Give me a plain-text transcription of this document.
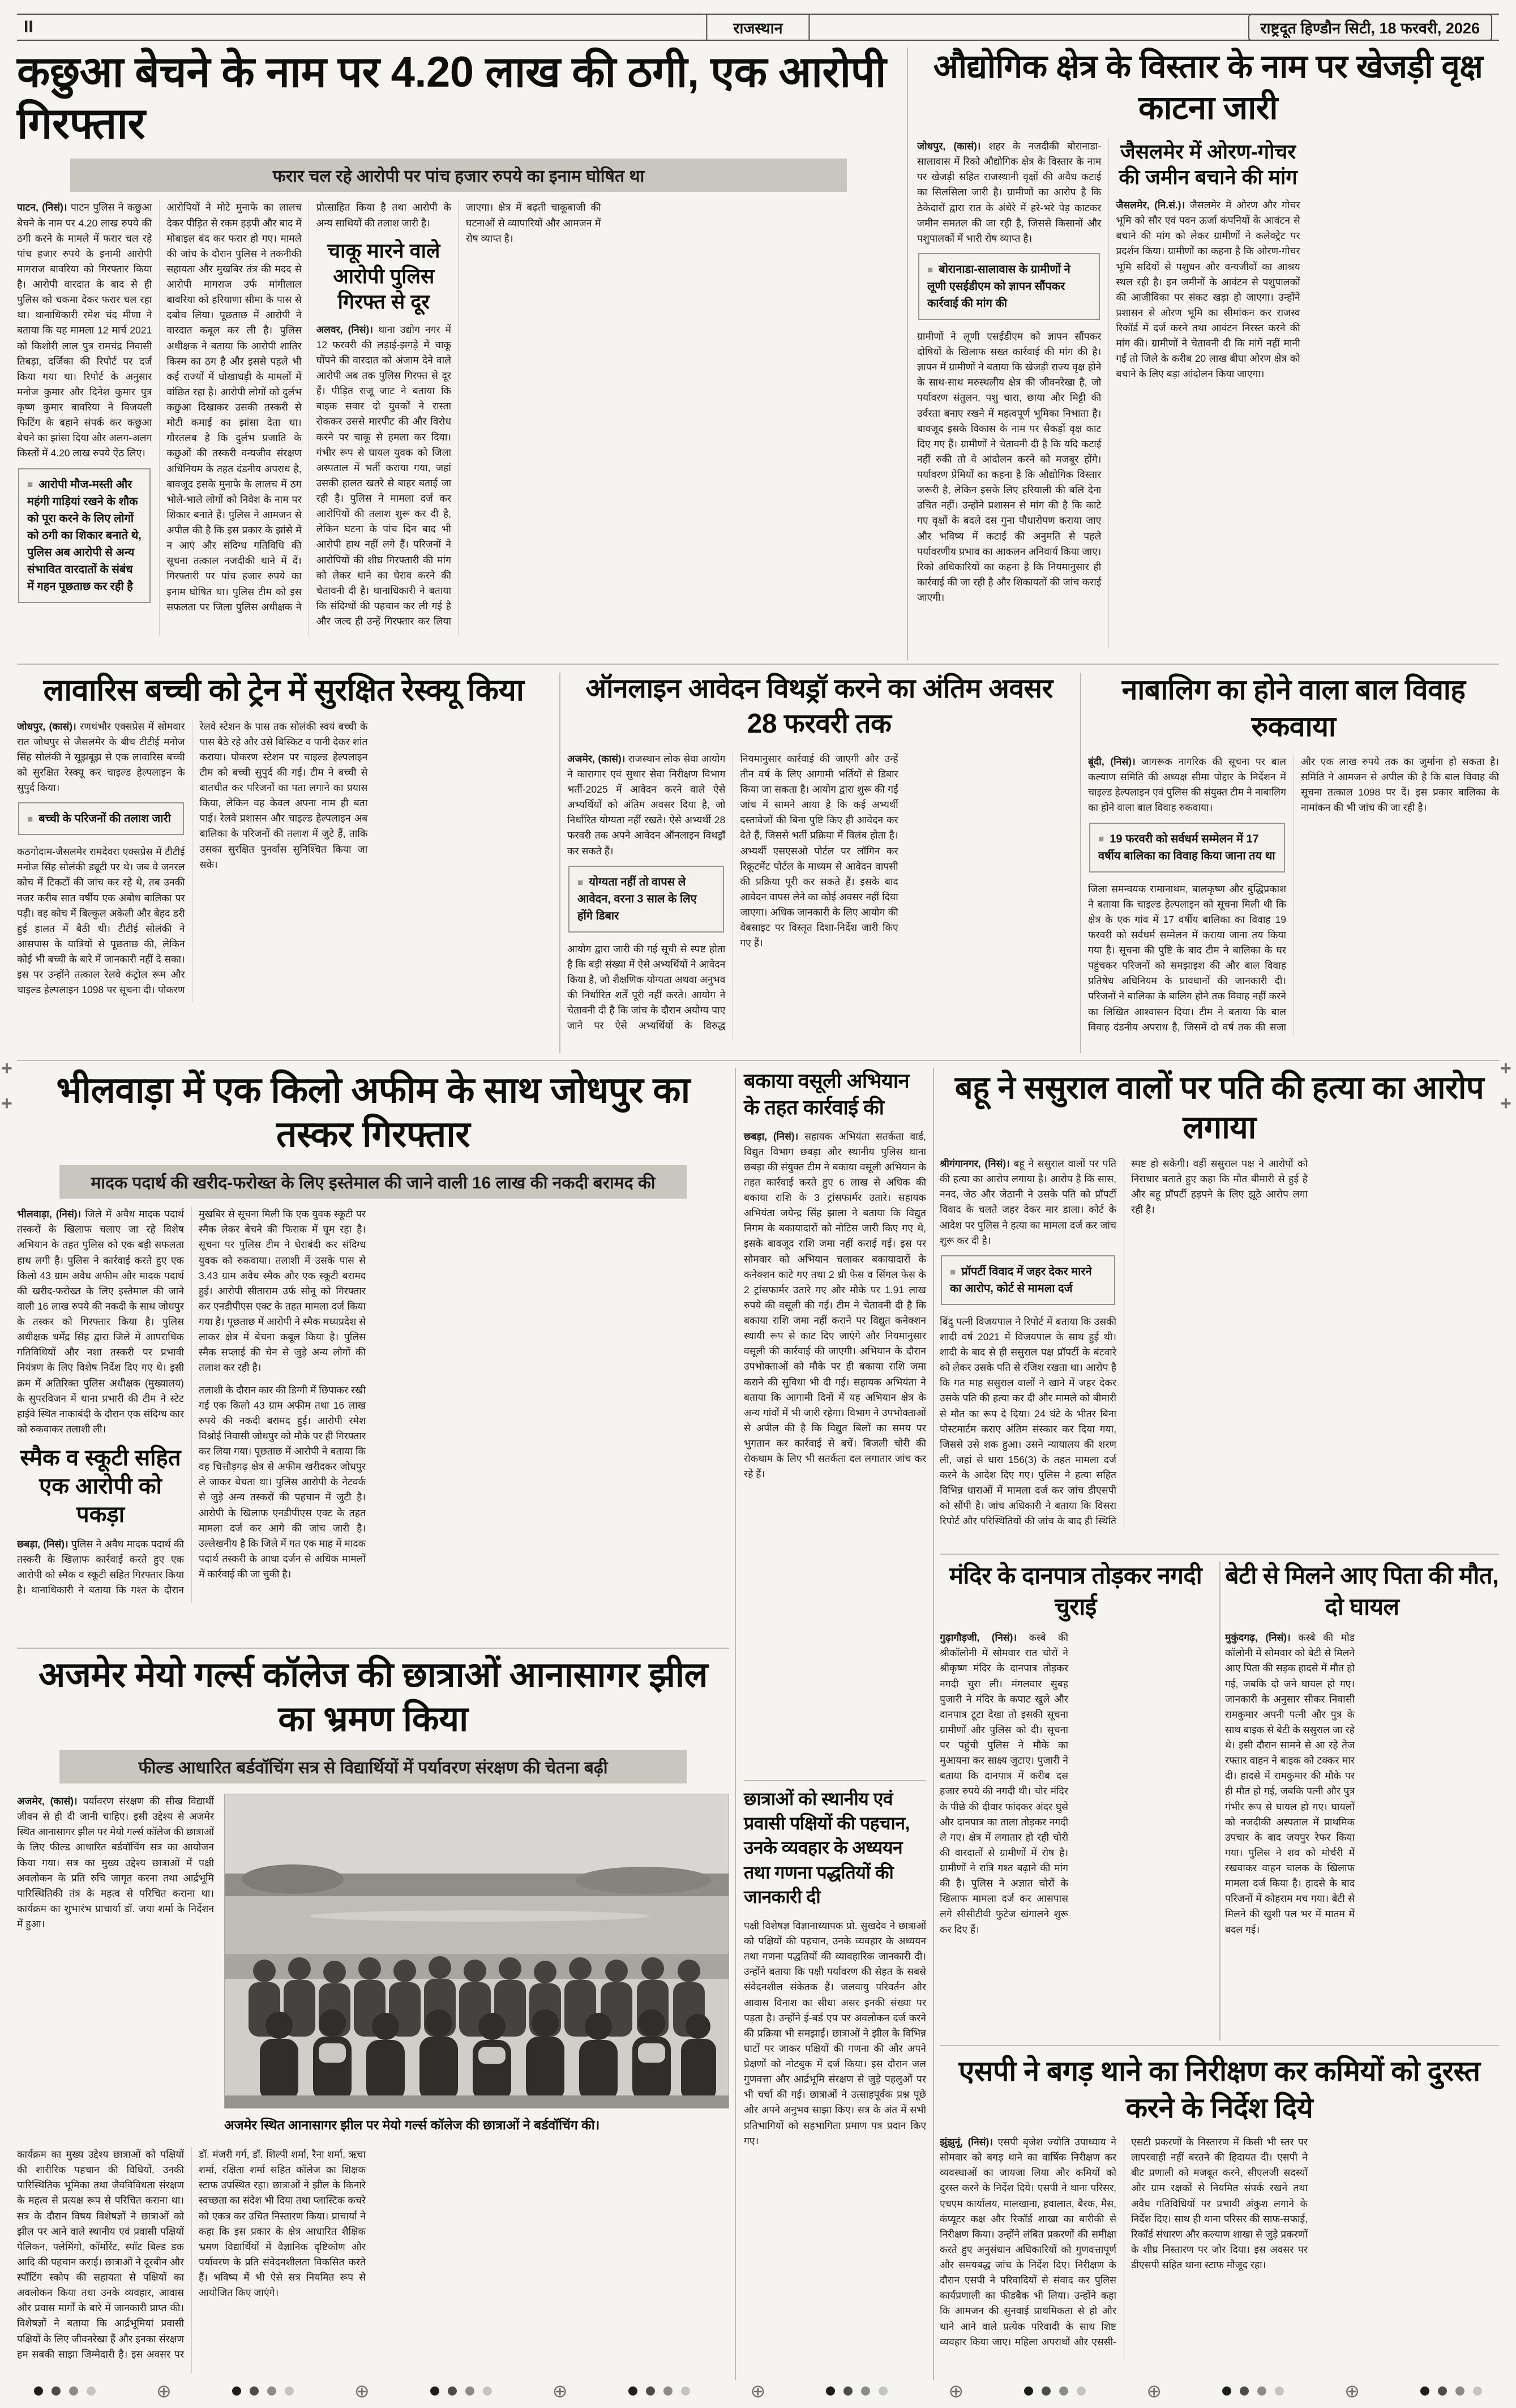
II	राजस्थान	राष्ट्रदूत हिण्डौन सिटी, 18 फरवरी, 2026
कछुआ बेचने के नाम पर 4.20 लाख की ठगी, एक आरोपी गिरफ्तार
फरार चल रहे आरोपी पर पांच हजार रुपये का इनाम घोषित था

पाटन, (निसं)। पाटन पुलिस ने कछुआ बेचने के नाम पर 4.20 लाख रुपये की ठगी करने के मामले में फरार चल रहे पांच हजार रुपये के इनामी आरोपी मागराज बावरिया को गिरफ्तार किया है। आरोपी वारदात के बाद से ही पुलिस को चकमा देकर फरार चल रहा था। थानाधिकारी रमेश चंद मीणा ने बताया कि यह मामला 12 मार्च 2021 को किशोरी लाल पुत्र रामचंद्र निवासी तिबड़ा, दर्जिका की रिपोर्ट पर दर्ज किया गया था। रिपोर्ट के अनुसार मनोज कुमार और दिनेश कुमार पुत्र कृष्ण कुमार बावरिया ने विजयली फिटिंग के बहाने संपर्क कर कछुआ बेचने का झांसा दिया और अलग-अलग किस्तों में 4.20 लाख रुपये ऐंठ लिए।

■ आरोपी मौज-मस्ती और महंगी गाड़ियां रखने के शौक को पूरा करने के लिए लोगों को ठगी का शिकार बनाते थे, पुलिस अब आरोपी से अन्य संभावित वारदातों के संबंध में गहन पूछताछ कर रही है

आरोपियों ने मोटे मुनाफे का लालच देकर पीड़ित से रकम हड़पी और बाद में मोबाइल बंद कर फरार हो गए। मामले की जांच के दौरान पुलिस ने तकनीकी सहायता और मुखबिर तंत्र की मदद से आरोपी मागराज उर्फ मांगीलाल बावरिया को हरियाणा सीमा के पास से दबोच लिया। पूछताछ में आरोपी ने वारदात कबूल कर ली है। पुलिस अधीक्षक ने बताया कि आरोपी शातिर किस्म का ठग है और इससे पहले भी कई राज्यों में धोखाधड़ी के मामलों में वांछित रहा है। आरोपी लोगों को दुर्लभ कछुआ दिखाकर उसकी तस्करी से मोटी कमाई का झांसा देता था। गौरतलब है कि दुर्लभ प्रजाति के कछुओं की तस्करी वन्यजीव संरक्षण अधिनियम के तहत दंडनीय अपराध है, बावजूद इसके मुनाफे के लालच में ठग भोले-भाले लोगों को निवेश के नाम पर शिकार बनाते हैं। पुलिस ने आमजन से अपील की है कि इस प्रकार के झांसे में न आएं और संदिग्ध गतिविधि की सूचना तत्काल नजदीकी थाने में दें। गिरफ्तारी पर पांच हजार रुपये का इनाम घोषित था। पुलिस टीम को इस सफलता पर जिला पुलिस अधीक्षक ने प्रोत्साहित किया है तथा आरोपी के अन्य साथियों की तलाश जारी है।

चाकू मारने वाले आरोपी पुलिस गिरफ्त से दूर

अलवर, (निसं)। थाना उद्योग नगर में 12 फरवरी की लड़ाई-झगड़े में चाकू घोंपने की वारदात को अंजाम देने वाले आरोपी अब तक पुलिस गिरफ्त से दूर हैं। पीड़ित राजू जाट ने बताया कि बाइक सवार दो युवकों ने रास्ता रोककर उससे मारपीट की और विरोध करने पर चाकू से हमला कर दिया। गंभीर रूप से घायल युवक को जिला अस्पताल में भर्ती कराया गया, जहां उसकी हालत खतरे से बाहर बताई जा रही है। पुलिस ने मामला दर्ज कर आरोपियों की तलाश शुरू कर दी है, लेकिन घटना के पांच दिन बाद भी आरोपी हाथ नहीं लगे हैं। परिजनों ने आरोपियों की शीघ्र गिरफ्तारी की मांग को लेकर थाने का घेराव करने की चेतावनी दी है। थानाधिकारी ने बताया कि संदिग्धों की पहचान कर ली गई है और जल्द ही उन्हें गिरफ्तार कर लिया जाएगा। क्षेत्र में बढ़ती चाकूबाजी की घटनाओं से व्यापारियों और आमजन में रोष व्याप्त है।

औद्योगिक क्षेत्र के विस्तार के नाम पर खेजड़ी वृक्ष काटना जारी

जोधपुर, (कासं)। शहर के नजदीकी बोरानाडा-सालावास में रिको औद्योगिक क्षेत्र के विस्तार के नाम पर खेजड़ी सहित राजस्थानी वृक्षों की अवैध कटाई का सिलसिला जारी है। ग्रामीणों का आरोप है कि ठेकेदारों द्वारा रात के अंधेरे में हरे-भरे पेड़ काटकर जमीन समतल की जा रही है, जिससे किसानों और पशुपालकों में भारी रोष व्याप्त है।

■ बोरानाडा-सालावास के ग्रामीणों ने लूणी एसईडीएम को ज्ञापन सौंपकर कार्रवाई की मांग की

ग्रामीणों ने लूणी एसईडीएम को ज्ञापन सौंपकर दोषियों के खिलाफ सख्त कार्रवाई की मांग की है। ज्ञापन में ग्रामीणों ने बताया कि खेजड़ी राज्य वृक्ष होने के साथ-साथ मरुस्थलीय क्षेत्र की जीवनरेखा है, जो पर्यावरण संतुलन, पशु चारा, छाया और मिट्टी की उर्वरता बनाए रखने में महत्वपूर्ण भूमिका निभाता है। बावजूद इसके विकास के नाम पर सैकड़ों वृक्ष काट दिए गए हैं। ग्रामीणों ने चेतावनी दी है कि यदि कटाई नहीं रुकी तो वे आंदोलन करने को मजबूर होंगे। पर्यावरण प्रेमियों का कहना है कि औद्योगिक विस्तार जरूरी है, लेकिन इसके लिए हरियाली की बलि देना उचित नहीं। उन्होंने प्रशासन से मांग की है कि काटे गए वृक्षों के बदले दस गुना पौधारोपण कराया जाए और भविष्य में कटाई की अनुमति से पहले पर्यावरणीय प्रभाव का आकलन अनिवार्य किया जाए। रिको अधिकारियों का कहना है कि नियमानुसार ही कार्रवाई की जा रही है और शिकायतों की जांच कराई जाएगी।

जैसलमेर में ओरण-गोचर की जमीन बचाने की मांग

जैसलमेर, (नि.सं.)। जैसलमेर में ओरण और गोचर भूमि को सौर एवं पवन ऊर्जा कंपनियों के आवंटन से बचाने की मांग को लेकर ग्रामीणों ने कलेक्ट्रेट पर प्रदर्शन किया। ग्रामीणों का कहना है कि ओरण-गोचर भूमि सदियों से पशुधन और वन्यजीवों का आश्रय स्थल रही है। इन जमीनों के आवंटन से पशुपालकों की आजीविका पर संकट खड़ा हो जाएगा। उन्होंने प्रशासन से ओरण भूमि का सीमांकन कर राजस्व रिकॉर्ड में दर्ज करने तथा आवंटन निरस्त करने की मांग की। ग्रामीणों ने चेतावनी दी कि मांगें नहीं मानी गईं तो जिले के करीब 20 लाख बीघा ओरण क्षेत्र को बचाने के लिए बड़ा आंदोलन किया जाएगा।

लावारिस बच्ची को ट्रेन में सुरक्षित रेस्क्यू किया

जोधपुर, (कासं)। रणथंभौर एक्सप्रेस में सोमवार रात जोधपुर से जैसलमेर के बीच टीटीई मनोज सिंह सोलंकी ने सूझबूझ से एक लावारिस बच्ची को सुरक्षित रेस्क्यू कर चाइल्ड हेल्पलाइन के सुपुर्द किया।

■ बच्ची के परिजनों की तलाश जारी

कठगोदाम-जैसलमेर रामदेवरा एक्सप्रेस में टीटीई मनोज सिंह सोलंकी ड्यूटी पर थे। जब वे जनरल कोच में टिकटों की जांच कर रहे थे, तब उनकी नजर करीब सात वर्षीय एक अबोध बालिका पर पड़ी। वह कोच में बिल्कुल अकेली और बेहद डरी हुई हालत में बैठी थी। टीटीई सोलंकी ने आसपास के यात्रियों से पूछताछ की, लेकिन कोई भी बच्ची के बारे में जानकारी नहीं दे सका। इस पर उन्होंने तत्काल रेलवे कंट्रोल रूम और चाइल्ड हेल्पलाइन 1098 पर सूचना दी। पोकरण रेलवे स्टेशन के पास तक सोलंकी स्वयं बच्ची के पास बैठे रहे और उसे बिस्किट व पानी देकर शांत कराया। पोकरण स्टेशन पर चाइल्ड हेल्पलाइन टीम को बच्ची सुपुर्द की गई। टीम ने बच्ची से बातचीत कर परिजनों का पता लगाने का प्रयास किया, लेकिन वह केवल अपना नाम ही बता पाई। रेलवे प्रशासन और चाइल्ड हेल्पलाइन अब बालिका के परिजनों की तलाश में जुटे हैं, ताकि उसका सुरक्षित पुनर्वास सुनिश्चित किया जा सके।

ऑनलाइन आवेदन विथड्रॉ करने का अंतिम अवसर 28 फरवरी तक

अजमेर, (कासं)। राजस्थान लोक सेवा आयोग ने कारागार एवं सुधार सेवा निरीक्षण विभाग भर्ती-2025 में आवेदन करने वाले ऐसे अभ्यर्थियों को अंतिम अवसर दिया है, जो निर्धारित योग्यता नहीं रखते। ऐसे अभ्यर्थी 28 फरवरी तक अपने आवेदन ऑनलाइन विथड्रॉ कर सकते हैं।

■ योग्यता नहीं तो वापस ले आवेदन, वरना 3 साल के लिए होंगे डिबार

आयोग द्वारा जारी की गई सूची से स्पष्ट होता है कि बड़ी संख्या में ऐसे अभ्यर्थियों ने आवेदन किया है, जो शैक्षणिक योग्यता अथवा अनुभव की निर्धारित शर्तें पूरी नहीं करते। आयोग ने चेतावनी दी है कि जांच के दौरान अयोग्य पाए जाने पर ऐसे अभ्यर्थियों के विरुद्ध नियमानुसार कार्रवाई की जाएगी और उन्हें तीन वर्ष के लिए आगामी भर्तियों से डिबार किया जा सकता है। आयोग द्वारा शुरू की गई जांच में सामने आया है कि कई अभ्यर्थी दस्तावेजों की बिना पुष्टि किए ही आवेदन कर देते हैं, जिससे भर्ती प्रक्रिया में विलंब होता है। अभ्यर्थी एसएसओ पोर्टल पर लॉगिन कर रिक्रूटमेंट पोर्टल के माध्यम से आवेदन वापसी की प्रक्रिया पूरी कर सकते हैं। इसके बाद आवेदन वापस लेने का कोई अवसर नहीं दिया जाएगा। अधिक जानकारी के लिए आयोग की वेबसाइट पर विस्तृत दिशा-निर्देश जारी किए गए हैं।

नाबालिग का होने वाला बाल विवाह रुकवाया

बूंदी, (निसं)। जागरूक नागरिक की सूचना पर बाल कल्याण समिति की अध्यक्ष सीमा पोद्दार के निर्देशन में चाइल्ड हेल्पलाइन एवं पुलिस की संयुक्त टीम ने नाबालिग का होने वाला बाल विवाह रुकवाया।

■ 19 फरवरी को सर्वधर्म सम्मेलन में 17 वर्षीय बालिका का विवाह किया जाना तय था

जिला समन्वयक रामानाथम, बालकृष्ण और बुद्धिप्रकाश ने बताया कि चाइल्ड हेल्पलाइन को सूचना मिली थी कि क्षेत्र के एक गांव में 17 वर्षीय बालिका का विवाह 19 फरवरी को सर्वधर्म सम्मेलन में कराया जाना तय किया गया है। सूचना की पुष्टि के बाद टीम ने बालिका के घर पहुंचकर परिजनों को समझाइश की और बाल विवाह प्रतिषेध अधिनियम के प्रावधानों की जानकारी दी। परिजनों ने बालिका के बालिग होने तक विवाह नहीं करने का लिखित आश्वासन दिया। टीम ने बताया कि बाल विवाह दंडनीय अपराध है, जिसमें दो वर्ष तक की सजा और एक लाख रुपये तक का जुर्माना हो सकता है। समिति ने आमजन से अपील की है कि बाल विवाह की सूचना तत्काल 1098 पर दें। इस प्रकार बालिका के नामांकन की भी जांच की जा रही है।

भीलवाड़ा में एक किलो अफीम के साथ जोधपुर का तस्कर गिरफ्तार
मादक पदार्थ की खरीद-फरोख्त के लिए इस्तेमाल की जाने वाली 16 लाख की नकदी बरामद की

भीलवाड़ा, (निसं)। जिले में अवैध मादक पदार्थ तस्करों के खिलाफ चलाए जा रहे विशेष अभियान के तहत पुलिस को एक बड़ी सफलता हाथ लगी है। पुलिस ने कार्रवाई करते हुए एक किलो 43 ग्राम अवैध अफीम और मादक पदार्थ की खरीद-फरोख्त के लिए इस्तेमाल की जाने वाली 16 लाख रुपये की नकदी के साथ जोधपुर के तस्कर को गिरफ्तार किया है। पुलिस अधीक्षक धर्मेंद्र सिंह द्वारा जिले में आपराधिक गतिविधियों और नशा तस्करी पर प्रभावी नियंत्रण के लिए विशेष निर्देश दिए गए थे। इसी क्रम में अतिरिक्त पुलिस अधीक्षक (मुख्यालय) के सुपरविजन में थाना प्रभारी की टीम ने स्टेट हाईवे स्थित नाकाबंदी के दौरान एक संदिग्ध कार को रुकवाकर तलाशी ली।

स्मैक व स्कूटी सहित एक आरोपी को पकड़ा

छबड़ा, (निसं)। पुलिस ने अवैध मादक पदार्थ की तस्करी के खिलाफ कार्रवाई करते हुए एक आरोपी को स्मैक व स्कूटी सहित गिरफ्तार किया है। थानाधिकारी ने बताया कि गश्त के दौरान मुखबिर से सूचना मिली कि एक युवक स्कूटी पर स्मैक लेकर बेचने की फिराक में घूम रहा है। सूचना पर पुलिस टीम ने घेराबंदी कर संदिग्ध युवक को रुकवाया। तलाशी में उसके पास से 3.43 ग्राम अवैध स्मैक और एक स्कूटी बरामद हुई। आरोपी सीताराम उर्फ सोनू को गिरफ्तार कर एनडीपीएस एक्ट के तहत मामला दर्ज किया गया है। पूछताछ में आरोपी ने स्मैक मध्यप्रदेश से लाकर क्षेत्र में बेचना कबूल किया है। पुलिस स्मैक सप्लाई की चेन से जुड़े अन्य लोगों की तलाश कर रही है।

तलाशी के दौरान कार की डिग्गी में छिपाकर रखी गई एक किलो 43 ग्राम अफीम तथा 16 लाख रुपये की नकदी बरामद हुई। आरोपी रमेश विश्नोई निवासी जोधपुर को मौके पर ही गिरफ्तार कर लिया गया। पूछताछ में आरोपी ने बताया कि वह चित्तौड़गढ़ क्षेत्र से अफीम खरीदकर जोधपुर ले जाकर बेचता था। पुलिस आरोपी के नेटवर्क से जुड़े अन्य तस्करों की पहचान में जुटी है। आरोपी के खिलाफ एनडीपीएस एक्ट के तहत मामला दर्ज कर आगे की जांच जारी है। उल्लेखनीय है कि जिले में गत एक माह में मादक पदार्थ तस्करी के आधा दर्जन से अधिक मामलों में कार्रवाई की जा चुकी है।

बकाया वसूली अभियान के तहत कार्रवाई की

छबड़ा, (निसं)। सहायक अभियंता सतर्कता वार्ड, विद्युत विभाग छबड़ा और स्थानीय पुलिस थाना छबड़ा की संयुक्त टीम ने बकाया वसूली अभियान के तहत कार्रवाई करते हुए 6 लाख से अधिक की बकाया राशि के 3 ट्रांसफार्मर उतारे। सहायक अभियंता जयेन्द्र सिंह झाला ने बताया कि विद्युत निगम के बकायादारों को नोटिस जारी किए गए थे, इसके बावजूद राशि जमा नहीं कराई गई। इस पर सोमवार को अभियान चलाकर बकायादारों के कनेक्शन काटे गए तथा 2 थ्री फेस व सिंगल फेस के 2 ट्रांसफार्मर उतारे गए और मौके पर 1.91 लाख रुपये की वसूली की गई। टीम ने चेतावनी दी है कि बकाया राशि जमा नहीं कराने पर विद्युत कनेक्शन स्थायी रूप से काट दिए जाएंगे और नियमानुसार वसूली की कार्रवाई की जाएगी। अभियान के दौरान उपभोक्ताओं को मौके पर ही बकाया राशि जमा कराने की सुविधा भी दी गई। सहायक अभियंता ने बताया कि आगामी दिनों में यह अभियान क्षेत्र के अन्य गांवों में भी जारी रहेगा। विभाग ने उपभोक्ताओं से अपील की है कि विद्युत बिलों का समय पर भुगतान कर कार्रवाई से बचें। बिजली चोरी की रोकथाम के लिए भी सतर्कता दल लगातार जांच कर रहे हैं।

बहू ने ससुराल वालों पर पति की हत्या का आरोप लगाया

श्रीगंगानगर, (निसं)। बहू ने ससुराल वालों पर पति की हत्या का आरोप लगाया है। आरोप है कि सास, ननद, जेठ और जेठानी ने उसके पति को प्रॉपर्टी विवाद के चलते जहर देकर मार डाला। कोर्ट के आदेश पर पुलिस ने हत्या का मामला दर्ज कर जांच शुरू कर दी है।

■ प्रॉपर्टी विवाद में जहर देकर मारने का आरोप, कोर्ट से मामला दर्ज

बिंदु पत्नी विजयपाल ने रिपोर्ट में बताया कि उसकी शादी वर्ष 2021 में विजयपाल के साथ हुई थी। शादी के बाद से ही ससुराल पक्ष प्रॉपर्टी के बंटवारे को लेकर उसके पति से रंजिश रखता था। आरोप है कि गत माह ससुराल वालों ने खाने में जहर देकर उसके पति की हत्या कर दी और मामले को बीमारी से मौत का रूप दे दिया। 24 घंटे के भीतर बिना पोस्टमार्टम कराए अंतिम संस्कार कर दिया गया, जिससे उसे शक हुआ। उसने न्यायालय की शरण ली, जहां से धारा 156(3) के तहत मामला दर्ज करने के आदेश दिए गए। पुलिस ने हत्या सहित विभिन्न धाराओं में मामला दर्ज कर जांच डीएसपी को सौंपी है। जांच अधिकारी ने बताया कि विसरा रिपोर्ट और परिस्थितियों की जांच के बाद ही स्थिति स्पष्ट हो सकेगी। वहीं ससुराल पक्ष ने आरोपों को निराधार बताते हुए कहा कि मौत बीमारी से हुई है और बहू प्रॉपर्टी हड़पने के लिए झूठे आरोप लगा रही है।

मंदिर के दानपात्र तोड़कर नगदी चुराई

गुढ़ागौड़जी, (निसं)। कस्बे की श्रीकॉलोनी में सोमवार रात चोरों ने श्रीकृष्ण मंदिर के दानपात्र तोड़कर नगदी चुरा ली। मंगलवार सुबह पुजारी ने मंदिर के कपाट खुले और दानपात्र टूटा देखा तो इसकी सूचना ग्रामीणों और पुलिस को दी। सूचना पर पहुंची पुलिस ने मौके का मुआयना कर साक्ष्य जुटाए। पुजारी ने बताया कि दानपात्र में करीब दस हजार रुपये की नगदी थी। चोर मंदिर के पीछे की दीवार फांदकर अंदर घुसे और दानपात्र का ताला तोड़कर नगदी ले गए। क्षेत्र में लगातार हो रही चोरी की वारदातों से ग्रामीणों में रोष है। ग्रामीणों ने रात्रि गश्त बढ़ाने की मांग की है। पुलिस ने अज्ञात चोरों के खिलाफ मामला दर्ज कर आसपास लगे सीसीटीवी फुटेज खंगालने शुरू कर दिए हैं।

बेटी से मिलने आए पिता की मौत, दो घायल

मुकुंदगढ़, (निसं)। कस्बे की मोड कॉलोनी में सोमवार को बेटी से मिलने आए पिता की सड़क हादसे में मौत हो गई, जबकि दो जने घायल हो गए। जानकारी के अनुसार सीकर निवासी रामकुमार अपनी पत्नी और पुत्र के साथ बाइक से बेटी के ससुराल जा रहे थे। इसी दौरान सामने से आ रहे तेज रफ्तार वाहन ने बाइक को टक्कर मार दी। हादसे में रामकुमार की मौके पर ही मौत हो गई, जबकि पत्नी और पुत्र गंभीर रूप से घायल हो गए। घायलों को नजदीकी अस्पताल में प्राथमिक उपचार के बाद जयपुर रेफर किया गया। पुलिस ने शव को मोर्चरी में रखवाकर वाहन चालक के खिलाफ मामला दर्ज किया है। हादसे के बाद परिजनों में कोहराम मच गया। बेटी से मिलने की खुशी पल भर में मातम में बदल गई।

अजमेर मेयो गर्ल्स कॉलेज की छात्राओं आनासागर झील का भ्रमण किया
फील्ड आधारित बर्डवॉचिंग सत्र से विद्यार्थियों में पर्यावरण संरक्षण की चेतना बढ़ी

अजमेर, (कासं)। पर्यावरण संरक्षण की सीख विद्यार्थी जीवन से ही दी जानी चाहिए। इसी उद्देश्य से अजमेर स्थित आनासागर झील पर मेयो गर्ल्स कॉलेज की छात्राओं के लिए फील्ड आधारित बर्डवॉचिंग सत्र का आयोजन किया गया। सत्र का मुख्य उद्देश्य छात्राओं में पक्षी अवलोकन के प्रति रुचि जागृत करना तथा आर्द्रभूमि पारिस्थितिकी तंत्र के महत्व से परिचित कराना था। कार्यक्रम का शुभारंभ प्राचार्या डॉ. जया शर्मा के निर्देशन में हुआ।

अजमेर स्थित आनासागर झील पर मेयो गर्ल्स कॉलेज की छात्राओं ने बर्डवॉचिंग की।

कार्यक्रम का मुख्य उद्देश्य छात्राओं को पक्षियों की शारीरिक पहचान की विधियों, उनकी पारिस्थितिक भूमिका तथा जैवविविधता संरक्षण के महत्व से प्रत्यक्ष रूप से परिचित कराना था। सत्र के दौरान विषय विशेषज्ञों ने छात्राओं को झील पर आने वाले स्थानीय एवं प्रवासी पक्षियों पेलिकन, फ्लेमिंगो, कॉर्मोरेंट, स्पॉट बिल्ड डक आदि की पहचान कराई। छात्राओं ने दूरबीन और स्पॉटिंग स्कोप की सहायता से पक्षियों का अवलोकन किया तथा उनके व्यवहार, आवास और प्रवास मार्गों के बारे में जानकारी प्राप्त की। विशेषज्ञों ने बताया कि आर्द्रभूमियां प्रवासी पक्षियों के लिए जीवनरेखा हैं और इनका संरक्षण हम सबकी साझा जिम्मेदारी है। इस अवसर पर डॉ. मंजरी गर्ग, डॉ. शिल्पी शर्मा, रैना शर्मा, ऋचा शर्मा, रक्षिता शर्मा सहित कॉलेज का शिक्षक स्टाफ उपस्थित रहा। छात्राओं ने झील के किनारे स्वच्छता का संदेश भी दिया तथा प्लास्टिक कचरे को एकत्र कर उचित निस्तारण किया। प्राचार्या ने कहा कि इस प्रकार के क्षेत्र आधारित शैक्षिक भ्रमण विद्यार्थियों में वैज्ञानिक दृष्टिकोण और पर्यावरण के प्रति संवेदनशीलता विकसित करते हैं। भविष्य में भी ऐसे सत्र नियमित रूप से आयोजित किए जाएंगे।

छात्राओं को स्थानीय एवं प्रवासी पक्षियों की पहचान, उनके व्यवहार के अध्ययन तथा गणना पद्धतियों की जानकारी दी

पक्षी विशेषज्ञ विज्ञानाध्यापक प्रो. सुखदेव ने छात्राओं को पक्षियों की पहचान, उनके व्यवहार के अध्ययन तथा गणना पद्धतियों की व्यावहारिक जानकारी दी। उन्होंने बताया कि पक्षी पर्यावरण की सेहत के सबसे संवेदनशील संकेतक हैं। जलवायु परिवर्तन और आवास विनाश का सीधा असर इनकी संख्या पर पड़ता है। उन्होंने ई-बर्ड एप पर अवलोकन दर्ज करने की प्रक्रिया भी समझाई। छात्राओं ने झील के विभिन्न घाटों पर जाकर पक्षियों की गणना की और अपने प्रेक्षणों को नोटबुक में दर्ज किया। इस दौरान जल गुणवत्ता और आर्द्रभूमि संरक्षण से जुड़े पहलुओं पर भी चर्चा की गई। छात्राओं ने उत्साहपूर्वक प्रश्न पूछे और अपने अनुभव साझा किए। सत्र के अंत में सभी प्रतिभागियों को सहभागिता प्रमाण पत्र प्रदान किए गए।

एसपी ने बगड़ थाने का निरीक्षण कर कमियों को दुरस्त करने के निर्देश दिये

झुंझुनूं, (निसं)। एसपी बृजेश ज्योति उपाध्याय ने सोमवार को बगड़ थाने का वार्षिक निरीक्षण कर व्यवस्थाओं का जायजा लिया और कमियों को दुरस्त करने के निर्देश दिये। एसपी ने थाना परिसर, एचएम कार्यालय, मालखाना, हवालात, बैरक, मैस, कंप्यूटर कक्ष और रिकॉर्ड शाखा का बारीकी से निरीक्षण किया। उन्होंने लंबित प्रकरणों की समीक्षा करते हुए अनुसंधान अधिकारियों को गुणवत्तापूर्ण और समयबद्ध जांच के निर्देश दिए। निरीक्षण के दौरान एसपी ने परिवादियों से संवाद कर पुलिस कार्यप्रणाली का फीडबैक भी लिया। उन्होंने कहा कि आमजन की सुनवाई प्राथमिकता से हो और थाने आने वाले प्रत्येक परिवादी के साथ शिष्ट व्यवहार किया जाए। महिला अपराधों और एससी-एसटी प्रकरणों के निस्तारण में किसी भी स्तर पर लापरवाही नहीं बरतने की हिदायत दी। एसपी ने बीट प्रणाली को मजबूत करने, सीएलजी सदस्यों और ग्राम रक्षकों से नियमित संपर्क रखने तथा अवैध गतिविधियों पर प्रभावी अंकुश लगाने के निर्देश दिए। साथ ही थाना परिसर की साफ-सफाई, रिकॉर्ड संधारण और कल्याण शाखा से जुड़े प्रकरणों के शीघ्र निस्तारण पर जोर दिया। इस अवसर पर डीएसपी सहित थाना स्टाफ मौजूद रहा।

+
+
+
+
⊕	⊕	⊕	⊕	⊕	⊕	⊕
